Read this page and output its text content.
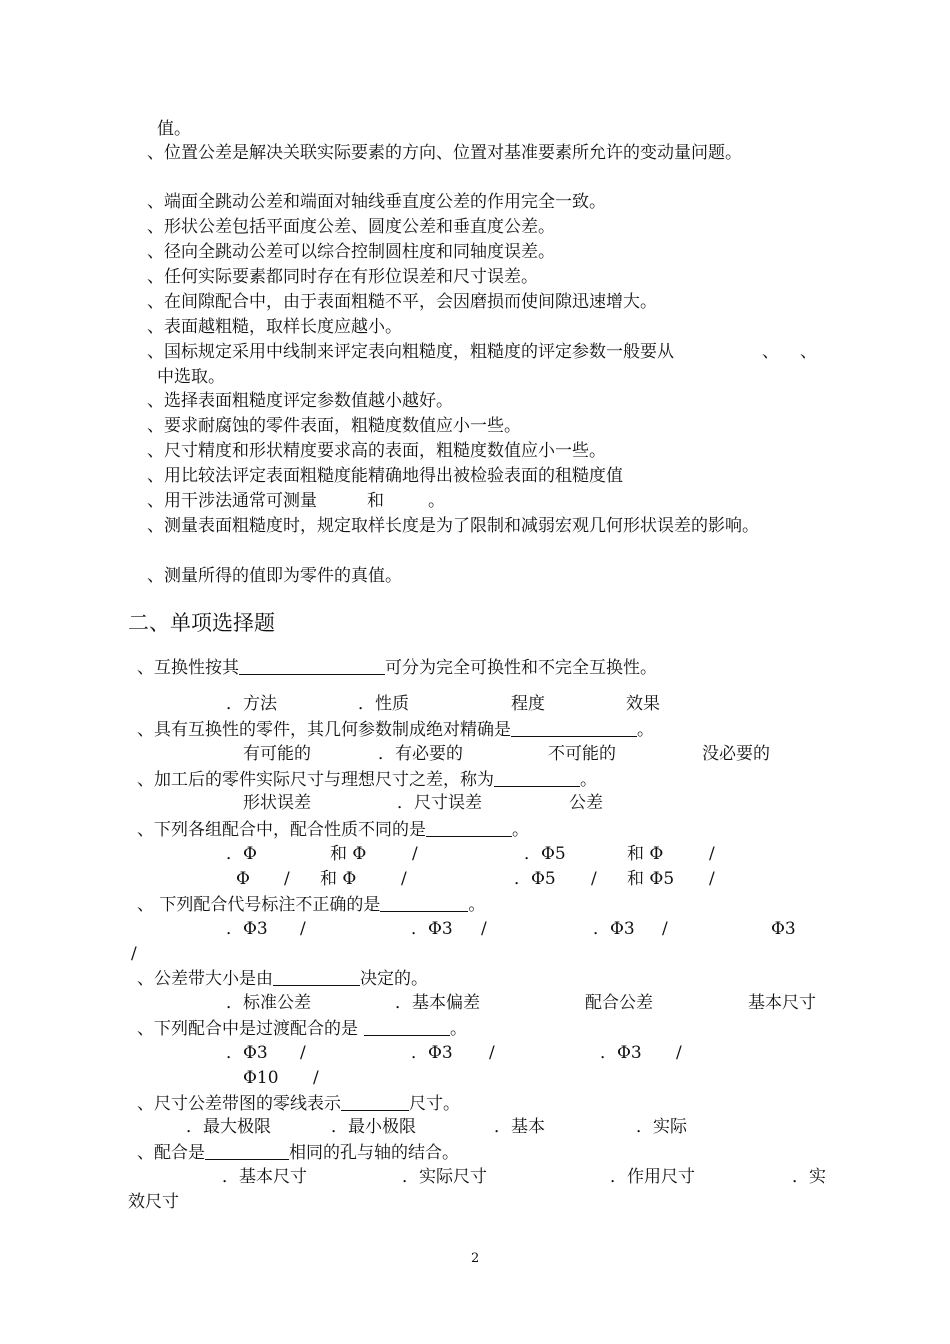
值。
、位置公差是解决关联实际要素的方向、位置对基准要素所允许的变动量问题。
、端面全跳动公差和端面对轴线垂直度公差的作用完全一致。
、形状公差包括平面度公差、圆度公差和垂直度公差。
、径向全跳动公差可以综合控制圆柱度和同轴度误差。
、任何实际要素都同时存在有形位误差和尺寸误差。
、在间隙配合中，由于表面粗糙不平，会因磨损而使间隙迅速增大。
、表面越粗糙，取样长度应越小。
、国标规定采用中线制来评定表向粗糙度，粗糙度的评定参数一般要从	、 、
中选取。
、选择表面粗糙度评定参数值越小越好。
、要求耐腐蚀的零件表面，粗糙度数值应小一些。
、尺寸精度和形状精度要求高的表面，粗糙度数值应小一些。
、用比较法评定表面粗糙度能精确地得出被检验表面的租糙度值
、用干涉法通常可测量	和	。
、测量表面粗糙度时，规定取样长度是为了限制和减弱宏观几何形状误差的影响。
、测量所得的值即为零件的真值。
二、单项选择题
、互换性按其	可分为完全可换性和不完全互换性。
．方法	．性质	程度	效果
、具有互换性的零件，其几何参数制成绝对精确是	。
有可能的	．有必要的	不可能的	没必要的
、加工后的零件实际尺寸与理想尺寸之差，称为	。
形状误差	．尺寸误差	公差
、下列各组配合中，配合性质不同的是	。
．Φ	和 Φ	/	．Φ5	和 Φ	/
Φ / 和 Φ	/	．Φ5 / 和 Φ5 /
、 下列配合代号标注不正确的是	。
．Φ3 /	．Φ3 /	．Φ3 /	Φ3
/
、公差带大小是由	决定的。
．标准公差	．基本偏差	配合公差	基本尺寸
、下列配合中是过渡配合的是	。
．Φ3 /	．Φ3 /	．Φ3 /
Φ10 /
、尺寸公差带图的零线表示	尺寸。
．最大极限	．最小极限	．基本	．实际
、配合是	相同的孔与轴的结合。
．基本尺寸	．实际尺寸	．作用尺寸	．实
效尺寸
2
